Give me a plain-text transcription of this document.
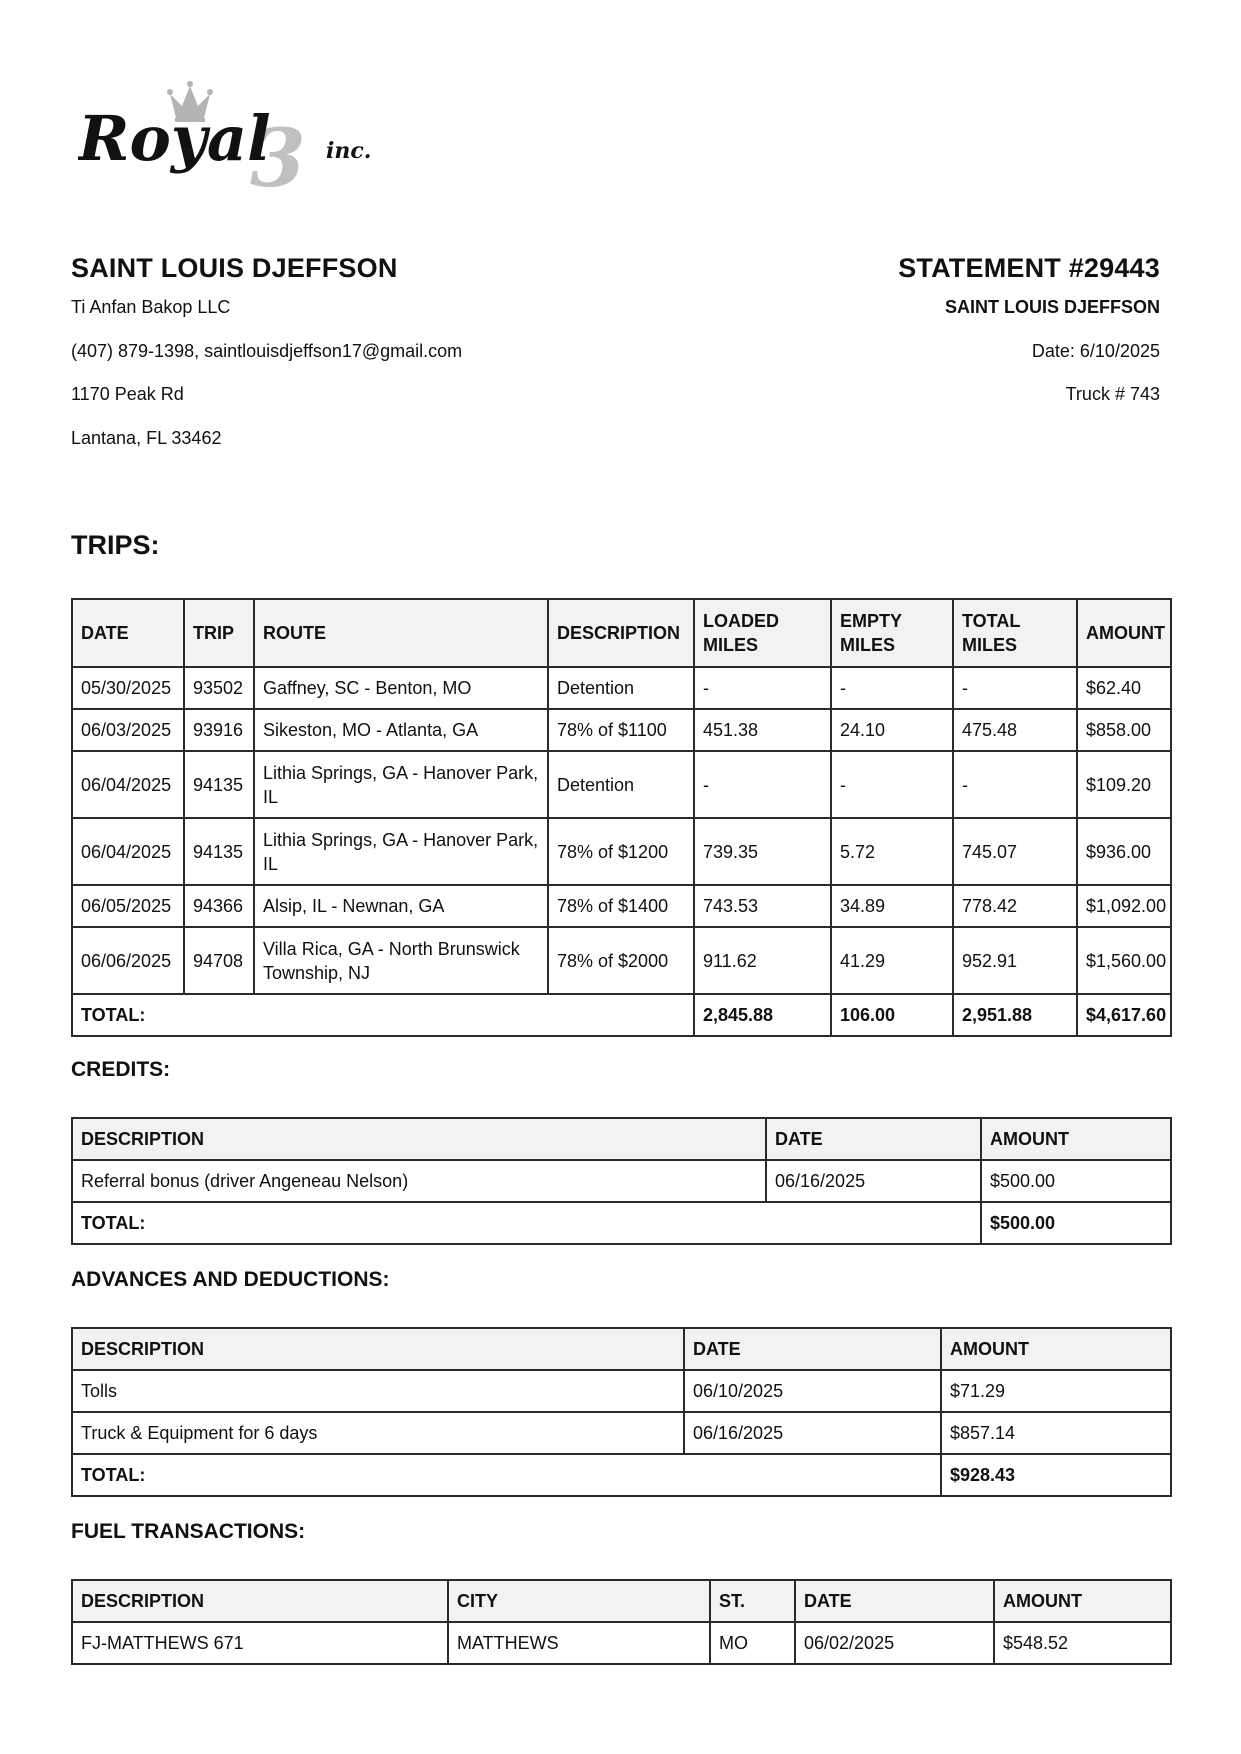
3
Royal	inc.
SAINT LOUIS DJEFFSON
Ti Anfan Bakop LLC
(407) 879-1398, saintlouisdjeffson17@gmail.com
1170 Peak Rd
Lantana, FL 33462
STATEMENT #29443
SAINT LOUIS DJEFFSON
Date: 6/10/2025
Truck # 743
TRIPS:
DATE	TRIP	ROUTE	DESCRIPTION	LOADED MILES	EMPTY MILES	TOTAL MILES	AMOUNT
05/30/2025	93502	Gaffney, SC - Benton, MO	Detention	-	-	-	$62.40
06/03/2025	93916	Sikeston, MO - Atlanta, GA	78% of $1100	451.38	24.10	475.48	$858.00
06/04/2025	94135	Lithia Springs, GA - Hanover Park, IL	Detention	-	-	-	$109.20
06/04/2025	94135	Lithia Springs, GA - Hanover Park, IL	78% of $1200	739.35	5.72	745.07	$936.00
06/05/2025	94366	Alsip, IL - Newnan, GA	78% of $1400	743.53	34.89	778.42	$1,092.00
06/06/2025	94708	Villa Rica, GA - North Brunswick Township, NJ	78% of $2000	911.62	41.29	952.91	$1,560.00
TOTAL:				2,845.88	106.00	2,951.88	$4,617.60
CREDITS:
DESCRIPTION	DATE	AMOUNT
Referral bonus (driver Angeneau Nelson)	06/16/2025	$500.00
TOTAL:		$500.00
ADVANCES AND DEDUCTIONS:
DESCRIPTION	DATE	AMOUNT
Tolls	06/10/2025	$71.29
Truck & Equipment for 6 days	06/16/2025	$857.14
TOTAL:		$928.43
FUEL TRANSACTIONS:
DESCRIPTION	CITY	ST.	DATE	AMOUNT
FJ-MATTHEWS 671	MATTHEWS	MO	06/02/2025	$548.52
